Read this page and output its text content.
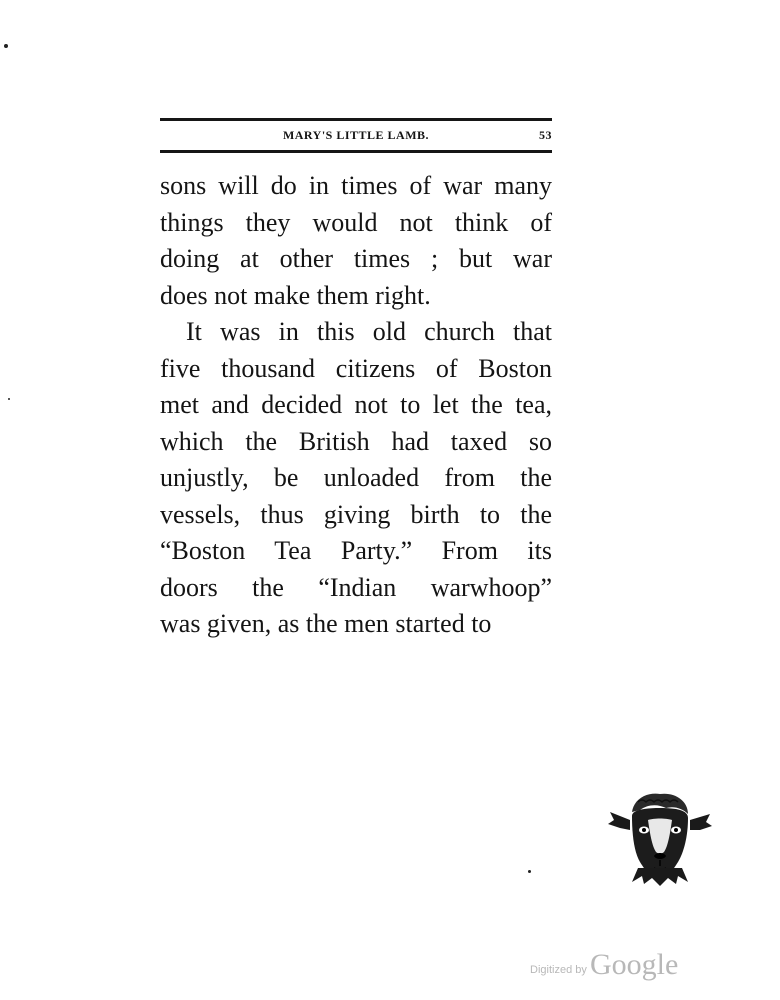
MARY'S LITTLE LAMB.	53
sons will do in times of war many
things they would not think of
doing at other times ; but war
does not make them right.
It was in this old church that
five thousand citizens of Boston
met and decided not to let the tea,
which the British had taxed so
unjustly, be unloaded from the
vessels, thus giving birth to the
“Boston Tea Party.” From its
doors the “Indian warwhoop”
was given, as the men started to
Digitized by Google
